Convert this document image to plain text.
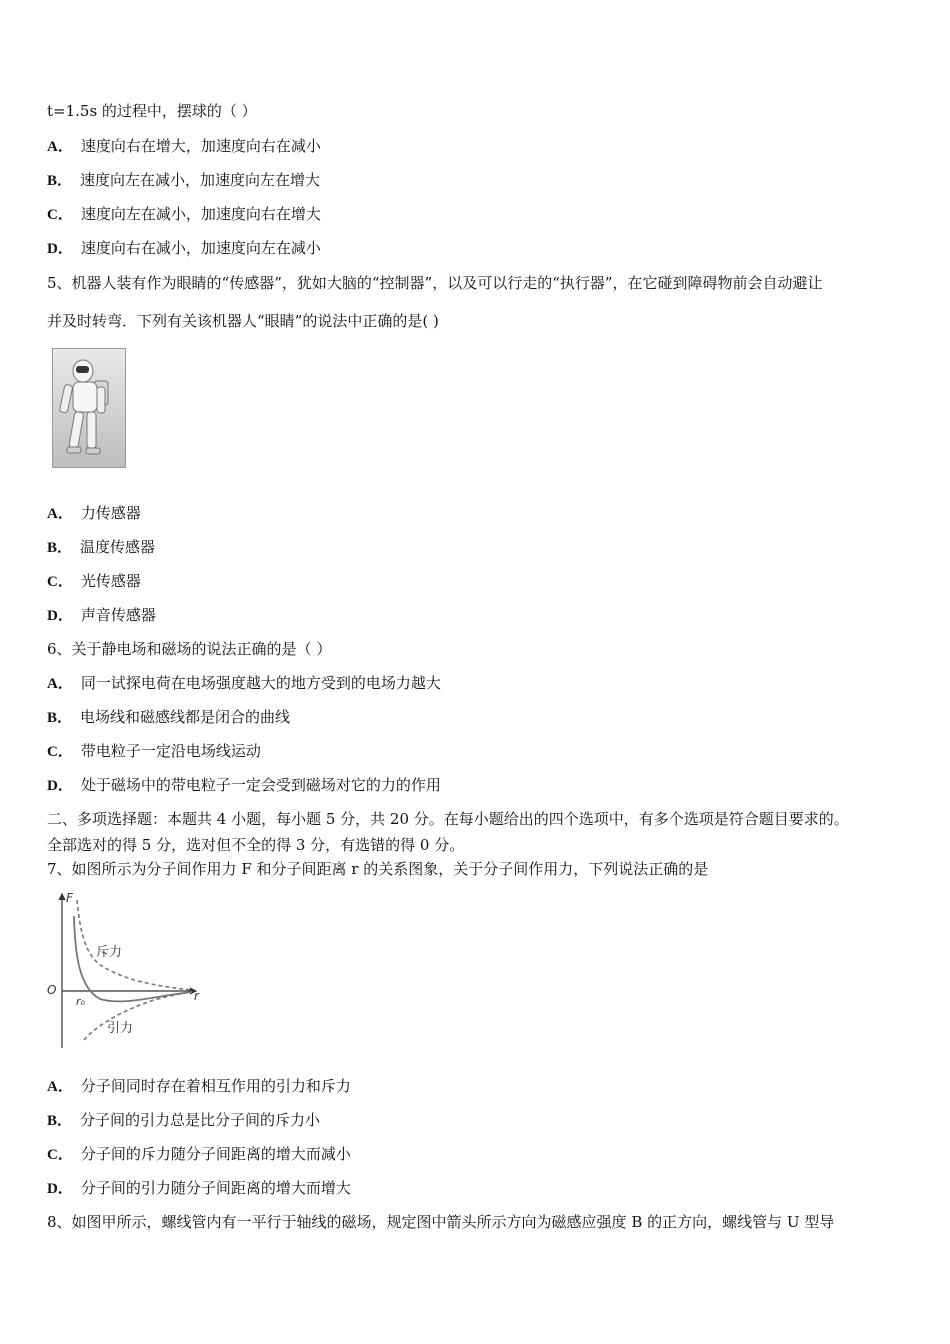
t=1.5s 的过程中，摆球的（ ）
A． 速度向右在增大，加速度向右在减小
B． 速度向左在减小，加速度向左在增大
C． 速度向左在减小，加速度向右在增大
D． 速度向右在减小，加速度向左在减小
5、机器人装有作为眼睛的“传感器”，犹如大脑的“控制器”，以及可以行走的“执行器”，在它碰到障碍物前会自动避让
并及时转弯．下列有关该机器人“眼睛”的说法中正确的是( )
A． 力传感器
B． 温度传感器
C． 光传感器
D． 声音传感器
6、关于静电场和磁场的说法正确的是（ ）
A． 同一试探电荷在电场强度越大的地方受到的电场力越大
B． 电场线和磁感线都是闭合的曲线
C． 带电粒子一定沿电场线运动
D． 处于磁场中的带电粒子一定会受到磁场对它的力的作用
二、多项选择题：本题共 4 小题，每小题 5 分，共 20 分。在每小题给出的四个选项中，有多个选项是符合题目要求的。
全部选对的得 5 分，选对但不全的得 3 分，有选错的得 0 分。
7、如图所示为分子间作用力 F 和分子间距离 r 的关系图象，关于分子间作用力，下列说法正确的是
F
r
O
r₀
斥力
引力
A． 分子间同时存在着相互作用的引力和斥力
B． 分子间的引力总是比分子间的斥力小
C． 分子间的斥力随分子间距离的增大而减小
D． 分子间的引力随分子间距离的增大而增大
8、如图甲所示，螺线管内有一平行于轴线的磁场，规定图中箭头所示方向为磁感应强度 B 的正方向，螺线管与 U 型导
